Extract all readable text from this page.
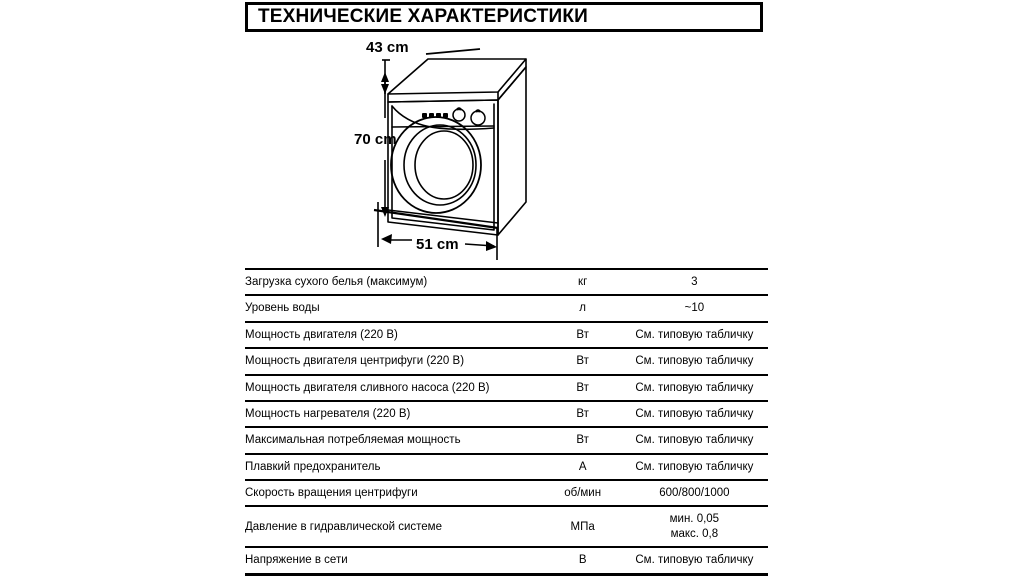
ТЕХНИЧЕСКИЕ ХАРАКТЕРИСТИКИ
43 cm
70 cm
51 cm
Загрузка сухого белья (максимум)	кг	3
Уровень воды	л	~10
Мощность двигателя (220 В)	Вт	См. типовую табличку
Мощность двигателя центрифуги (220 В)	Вт	См. типовую табличку
Мощность двигателя сливного насоса (220 В)	Вт	См. типовую табличку
Мощность нагревателя (220 В)	Вт	См. типовую табличку
Максимальная потребляемая мощность	Вт	См. типовую табличку
Плавкий предохранитель	А	См. типовую табличку
Скорость вращения центрифуги	об/мин	600/800/1000
Давление в гидравлической системе	МПа	мин. 0,05
макс. 0,8

Напряжение в сети	В	См. типовую табличку
